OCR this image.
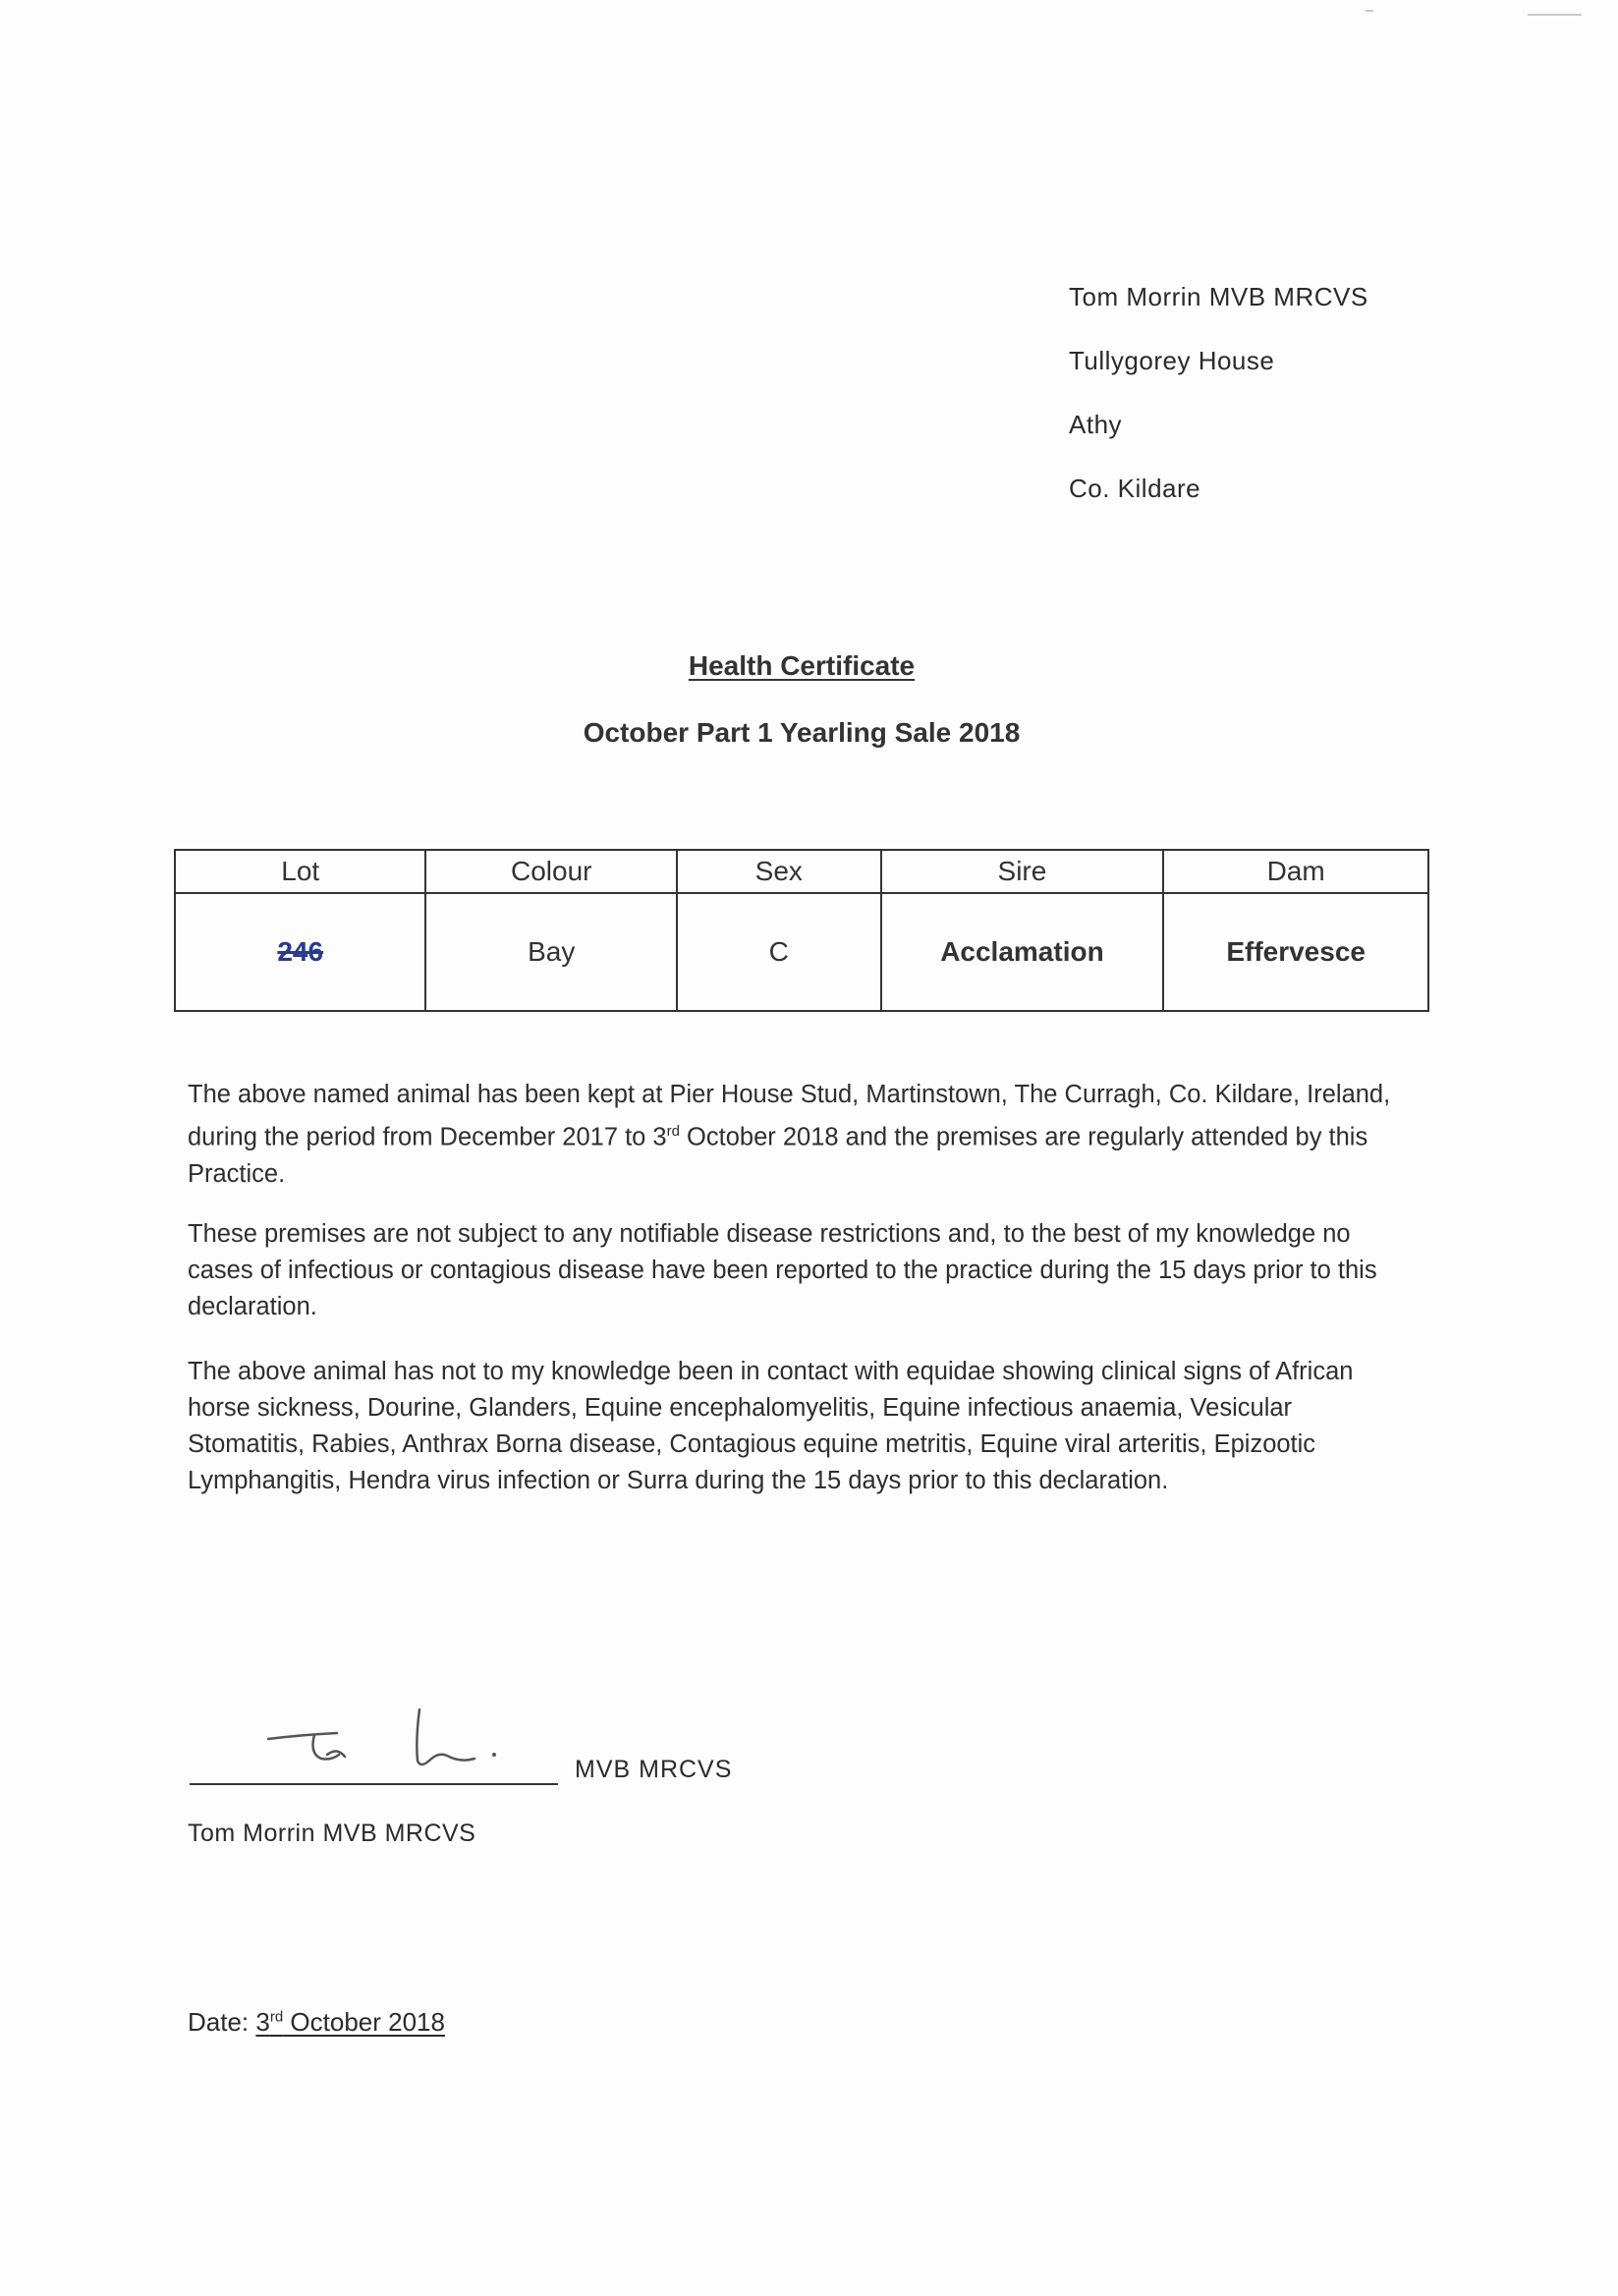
Tom Morrin MVB MRCVS
Tullygorey House
Athy
Co. Kildare
Health Certificate
October Part 1 Yearling Sale 2018
Lot	Colour	Sex	Sire	Dam
246	Bay	C	Acclamation	Effervesce
The above named animal has been kept at Pier House Stud, Martinstown, The Curragh, Co. Kildare, Ireland, during the period from December 2017 to 3rd October 2018 and the premises are regularly attended by this Practice.
These premises are not subject to any notifiable disease restrictions and, to the best of my knowledge no cases of infectious or contagious disease have been reported to the practice during the 15 days prior to this declaration.
The above animal has not to my knowledge been in contact with equidae showing clinical signs of African horse sickness, Dourine, Glanders, Equine encephalomyelitis, Equine infectious anaemia, Vesicular Stomatitis, Rabies, Anthrax Borna disease, Contagious equine metritis, Equine viral arteritis, Epizootic Lymphangitis, Hendra virus infection or Surra during the 15 days prior to this declaration.
MVB MRCVS
Tom Morrin MVB MRCVS
Date: 3rd October 2018
